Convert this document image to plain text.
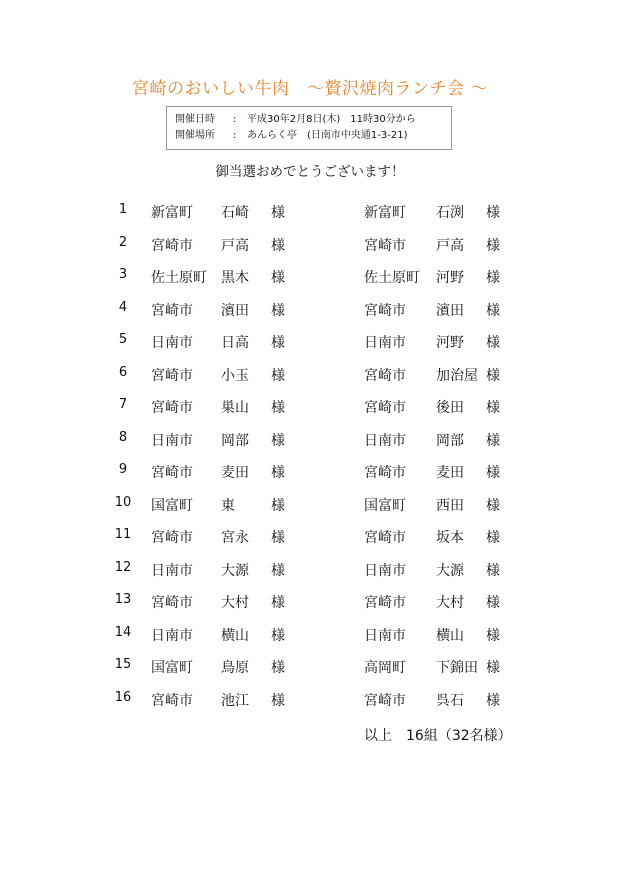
宮崎のおいしい牛肉　～贅沢焼肉ランチ会 ～
開催日時	:	平成30年2月8日(木)　11時30分から
開催場所	:	あんらく亭　(日南市中央通1-3-21)
御当選おめでとうございます！
1	新富町 石崎 様	新富町 石渕 様
2	宮崎市 戸高 様	宮崎市 戸高 様
3	佐土原町 黒木 様	佐土原町 河野 様
4	宮崎市 濱田 様	宮崎市 濱田 様
5	日南市 日高 様	日南市 河野 様
6	宮崎市 小玉 様	宮崎市 加治屋 様
7	宮崎市 巣山 様	宮崎市 後田 様
8	日南市 岡部 様	日南市 岡部 様
9	宮崎市 麦田 様	宮崎市 麦田 様
10	国富町 東	様	国富町 西田 様
11	宮崎市 宮永 様	宮崎市 坂本 様
12	日南市 大源 様	日南市 大源 様
13	宮崎市 大村 様	宮崎市 大村 様
14	日南市 横山 様	日南市 横山 様
15	国富町 鳥原 様	高岡町 下錦田 様
16	宮崎市 池江 様	宮崎市 呉石 様
以上　16組（32名様）
